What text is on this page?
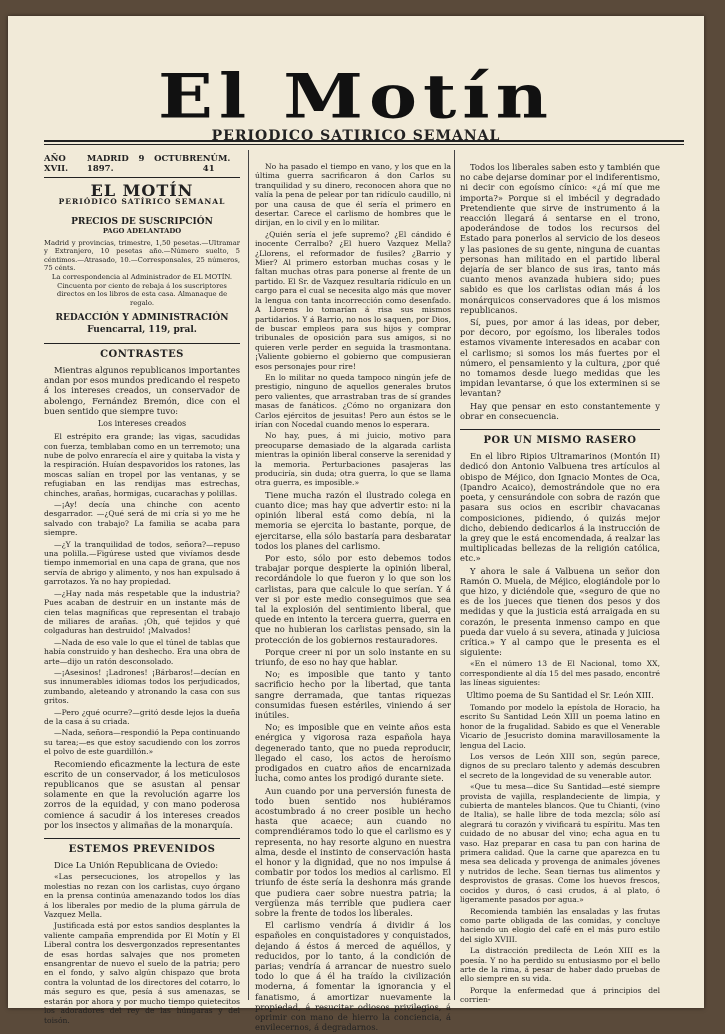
El Motín
PERIODICO SATIRICO SEMANAL
AÑO XVII.
MADRID 9 OCTUBRE 1897.
NÚM. 41
EL MOTÍN
PERIÓDICO SATÍRICO SEMANAL
PRECIOS DE SUSCRIPCIÓN
PAGO ADELANTADO
Madrid y provincias, trimestre, 1,50 pesetas.—Ultramar y Extranjero, 10 pesetas año.—Número suelto, 5 céntimos.—Atrasado, 10.—Corresponsales, 25 números, 75 cénts.
La correspondencia al Administrador de EL MOTÍN.
Cincuenta por ciento de rebaja á los suscriptores directos en los libros de esta casa. Almanaque de regalo.
REDACCIÓN Y ADMINISTRACIÓN
Fuencarral, 119, pral.
CONTRASTES

Mientras algunos republicanos importantes andan por esos mundos predicando el respeto á los intereses creados, un conservador de abolengo, Fernández Bremón, dice con el buen sentido que siempre tuvo:

Los intereses creados

El estrépito era grande; las vigas, sacudidas con fuerza, temblaban como en un terremoto; una nube de polvo enrarecía el aire y quitaba la vista y la respiración. Huían despavoridos los ratones, las moscas salían en tropel por las ventanas, y se refugiaban en las rendijas mas estrechas, chinches, arañas, hormigas, cucarachas y polillas.

—¡Ay! decía una chinche con acento desgarrador. —¿Qué será de mi cría si yo me he salvado con trabajo? La familia se acaba para siempre.

—¿Y la tranquilidad de todos, señora?—repuso una polilla.—Figúrese usted que vivíamos desde tiempo inmemorial en una capa de grana, que nos servía de abrigo y alimento, y nos han expulsado á garrotazos. Ya no hay propiedad.

—¿Hay nada más respetable que la industria? Pues acaban de destruir en un instante más de cien telas magníficas que representan el trabajo de miliares de arañas. ¡Oh, qué tejidos y qué colgaduras han destruido! ¡Malvados!

—Nada de eso vale lo que el túnel de tablas que había construido y han deshecho. Era una obra de arte—dijo un ratón desconsolado.

—¡Asesinos! ¡Ladrones! ¡Bárbaros!—decían en sus innumerables idiomas todos los perjudicados, zumbando, aleteando y atronando la casa con sus gritos.

—Pero ¿qué ocurre?—gritó desde lejos la dueña de la casa á su criada.

—Nada, señora—respondió la Pepa continuando su tarea;—es que estoy sacudiendo con los zorros el polvo de este guardillón.»

Recomiendo eficazmente la lectura de este escrito de un conservador, á los meticulosos republicanos que se asustan al pensar solamente en que la revolución agarre los zorros de la equidad, y con mano poderosa comience á sacudir á los intereses creados por los insectos y alimañas de la monarquía.

ESTEMOS PREVENIDOS

Dice La Unión Republicana de Oviedo:

«Las persecuciones, los atropellos y las molestias no rezan con los carlistas, cuyo órgano en la prensa continúa amenazando todos los días á los liberales por medio de la pluma gárrula de Vazquez Mella.

Justificada está por estos sandios desplantes la valiente campaña emprendida por El Motín y El Liberal contra los desvergonzados representantes de esas hordas salvajes que nos prometen ensangrentar de nuevo el suelo de la patria; pero en el fondo, y salvo algún chispazo que brota contra la voluntad de los directores del cotarro, lo más seguro es que, pesía á sus amenazas, se estarán por ahora y por mucho tiempo quietecitos los adoradores del rey de las húngaras y del toisón.

No ha pasado el tiempo en vano, y los que en la última guerra sacrificaron á don Carlos su tranquilidad y su dinero, reconocen ahora que no valía la pena de pelear por tan ridículo caudillo, ni por una causa de que él sería el primero en desertar. Carece el carlismo de hombres que le dirijan, en lo civil y en lo militar.

¿Quién sería el jefe supremo? ¿El cándido é inocente Cerralbo? ¿El huero Vazquez Mella? ¿Llorens, el reformador de fusiles? ¿Barrio y Mier? Al primero estorban muchas cosas y le faltan muchas otras para ponerse al frente de un partido. El Sr. de Vazquez resultaría ridículo en un cargo para el cual se necesita algo más que mover la lengua con tanta incorrección como desenfado. A Llorens lo tomarían á risa sus mismos partidarios. Y á Barrio, no nos lo saquen, por Dios, de buscar empleos para sus hijos y comprar tribunales de oposición para sus amigos, si no quieren verle perder en seguida la trasmontana. ¡Valiente gobierno el gobierno que compusieran esos personajes pour rire!

En lo militar no queda tampoco ningún jefe de prestigio, ninguno de aquellos generales brutos pero valientes, que arrastraban tras de sí grandes masas de fanáticos. ¿Cómo no organizara don Carlos ejércitos de jesuitas! Pero aun éstos se le irían con Nocedal cuando menos lo esperara.

No hay, pues, á mi juicio, motivo para preocuparse demasiado de la algarada carlista mientras la opinión liberal conserve la serenidad y la memoria. Perturbaciones pasajeras las produciría, sin duda; otra guerra, lo que se llama otra guerra, es imposible.»

Tiene mucha razón el ilustrado colega en cuanto dice; mas hay que advertir esto: ni la opinión liberal está como debía, ni la memoria se ejercita lo bastante, porque, de ejercitarse, ella sólo bastaría para desbaratar todos los planes del carlismo.

Por esto, sólo por esto debemos todos trabajar porque despierte la opinión liberal, recordándole lo que fueron y lo que son los carlistas, para que calcule lo que serían. Y á ver si por este medio conseguimos que sea tal la explosión del sentimiento liberal, que quede en intento la tercera guerra, guerra en que no hubieran los carlistas pensado, sin la protección de los gobiernos restauradores.

Porque creer ni por un solo instante en su triunfo, de eso no hay que hablar.

No; es imposible que tanto y tanto sacrificio hecho por la libertad, que tanta sangre derramada, que tantas riquezas consumidas fuesen estériles, viniendo á ser inútiles.

No; es imposible que en veinte años esta enérgica y vigorosa raza española haya degenerado tanto, que no pueda reproducir, llegado el caso, los actos de heroísmo prodigados en cuatro años de encarnizada lucha, como antes los prodigó durante siete.

Aun cuando por una perversión funesta de todo buen sentido nos hubiéramos acostumbrado á no creer posible un hecho hasta que acaece; aun cuando no comprendiéramos todo lo que el carlismo es y representa, no hay resorte alguno en nuestra alma, desde el instinto de conservación hasta el honor y la dignidad, que no nos impulse á combatir por todos los medios al carlismo. El triunfo de éste sería la deshonra más grande que pudiera caer sobre nuestra patria; la vergüenza más terrible que pudiera caer sobre la frente de todos los liberales.

El carlismo vendría á dividir á los españoles en conquistadores y conquistados, dejando á éstos á merced de aquéllos, y reducidos, por lo tanto, á la condición de parias; vendría á arrancar de nuestro suelo todo lo que á él ha traído la civilización moderna, á fomentar la ignorancia y el fanatismo, á amortizar nuevamente la propiedad, á resucitar odiosos privilegios, á oprimir con mano de hierro la conciencia, á envilecernos, á degradarnos.

Todos los liberales saben esto y también que no cabe dejarse dominar por el indiferentismo, ni decir con egoísmo cínico: «¿á mí que me importa?» Porque si el imbécil y degradado Pretendiente que sirve de instrumento á la reacción llegará á sentarse en el trono, apoderándose de todos los recursos del Estado para ponerlos al servicio de los deseos y las pasiones de su gente, ninguna de cuantas personas han militado en el partido liberal dejaría de ser blanco de sus iras, tanto más cuanto menos avanzada hubiera sido; pues sabido es que los carlistas odian más á los monárquicos conservadores que á los mismos republicanos.

Sí, pues, por amor á las ideas, por deber, por decoro, por egoísmo, los liberales todos estamos vivamente interesados en acabar con el carlismo; si somos los más fuertes por el número, el pensamiento y la cultura, ¿por qué no tomamos desde luego medidas que les impidan levantarse, ó que los exterminen si se levantan?

Hay que pensar en esto constantemente y obrar en consecuencia.

POR UN MISMO RASERO

En el libro Ripios Ultramarinos (Montón II) dedicó don Antonio Valbuena tres artículos al obispo de Méjico, don Ignacio Montes de Oca, (Ipandro Acaico), demostrándole que no era poeta, y censurándole con sobra de razón que pasara sus ocios en escribir chavacanas composiciones, pidiendo, ó quizás mejor dicho, debiendo dedicarlos á la instrucción de la grey que le está encomendada, á realzar las multiplicadas bellezas de la religión católica, etc.»

Y ahora le sale á Valbuena un señor don Ramón O. Muela, de Méjico, elogiándole por lo que hizo, y diciéndole que, «seguro de que no es de los jueces que tienen dos pesos y dos medidas y que la justicia está arraigada en su corazón, le presenta inmenso campo en que pueda dar vuelo á su severa, atinada y juiciosa crítica.» Y al campo que le presenta es el siguiente:

«En el número 13 de El Nacional, tomo XX, correspondiente al día 15 del mes pasado, encontré las líneas siguientes:

Ultimo poema de Su Santidad el Sr. León XIII.

Tomando por modelo la epístola de Horacio, ha escrito Su Santidad León XIII un poema latino en honor de la frugalidad. Sabido es que el Venerable Vicario de Jesucristo domina maravillosamente la lengua del Lacio.

Los versos de León XIII son, según parece, dignos de su preclaro talento y además descubren el secreto de la longevidad de su venerable autor.

«Que tu mesa—dice Su Santidad—esté siempre provista de vajilla, resplandeciente de limpia, y cubierta de manteles blancos. Que tu Chianti, (vino de Italia), se halle libre de toda mezcla; sólo así alegrará tu corazón y vivificará tu espíritu. Mas ten cuidado de no abusar del vino; echa agua en tu vaso. Haz preparar en casa tu pan con harina de primera calidad. Que la carne que aparezca en tu mesa sea delicada y provenga de animales jóvenes y nutridos de leche. Sean tiernas tus alimentos y desprovistos de grasas. Come los huevos frescos, cocidos y duros, ó casi crudos, á al plato, ó ligeramente pasados por agua.»

Recomienda también las ensaladas y las frutas como parte obligada de las comidas, y concluye haciendo un elogio del café en el más puro estilo del siglo XVIII.

La distracción predilecta de León XIII es la poesía. Y no ha perdido su entusiasmo por el bello arte de la rima, á pesar de haber dado pruebas de ello siempre en su vida.

Porque la enfermedad que á principios del corrien-
